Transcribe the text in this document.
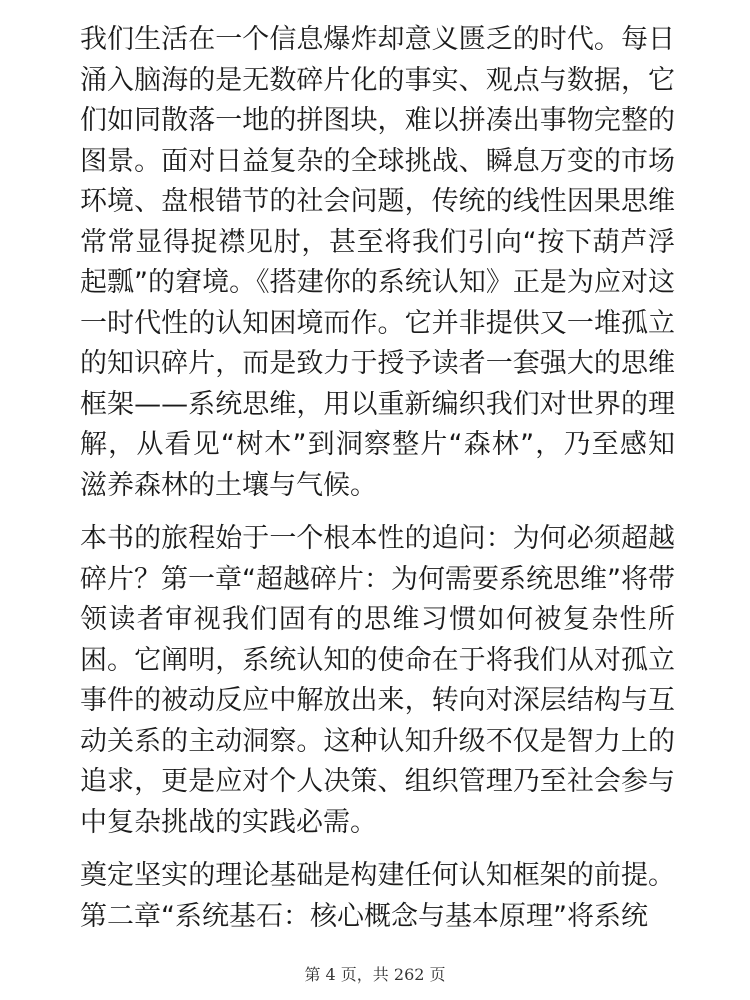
我们生活在一个信息爆炸却意义匮乏的时代。每日涌入脑海的是无数碎片化的事实、观点与数据，它们如同散落一地的拼图块，难以拼凑出事物完整的图景。面对日益复杂的全球挑战、瞬息万变的市场环境、盘根错节的社会问题，传统的线性因果思维常常显得捉襟见肘，甚至将我们引向“按下葫芦浮起瓢”的窘境。《搭建你的系统认知》正是为应对这一时代性的认知困境而作。它并非提供又一堆孤立的知识碎片，而是致力于授予读者一套强大的思维框架——系统思维，用以重新编织我们对世界的理解，从看见“树木”到洞察整片“森林”，乃至感知滋养森林的土壤与气候。

本书的旅程始于一个根本性的追问：为何必须超越碎片？第一章“超越碎片：为何需要系统思维”将带领读者审视我们固有的思维习惯如何被复杂性所困。它阐明，系统认知的使命在于将我们从对孤立事件的被动反应中解放出来，转向对深层结构与互动关系的主动洞察。这种认知升级不仅是智力上的追求，更是应对个人决策、组织管理乃至社会参与中复杂挑战的实践必需。

奠定坚实的理论基础是构建任何认知框架的前提。第二章“系统基石：核心概念与基本原理”将系统

第 4 页，共 262 页
